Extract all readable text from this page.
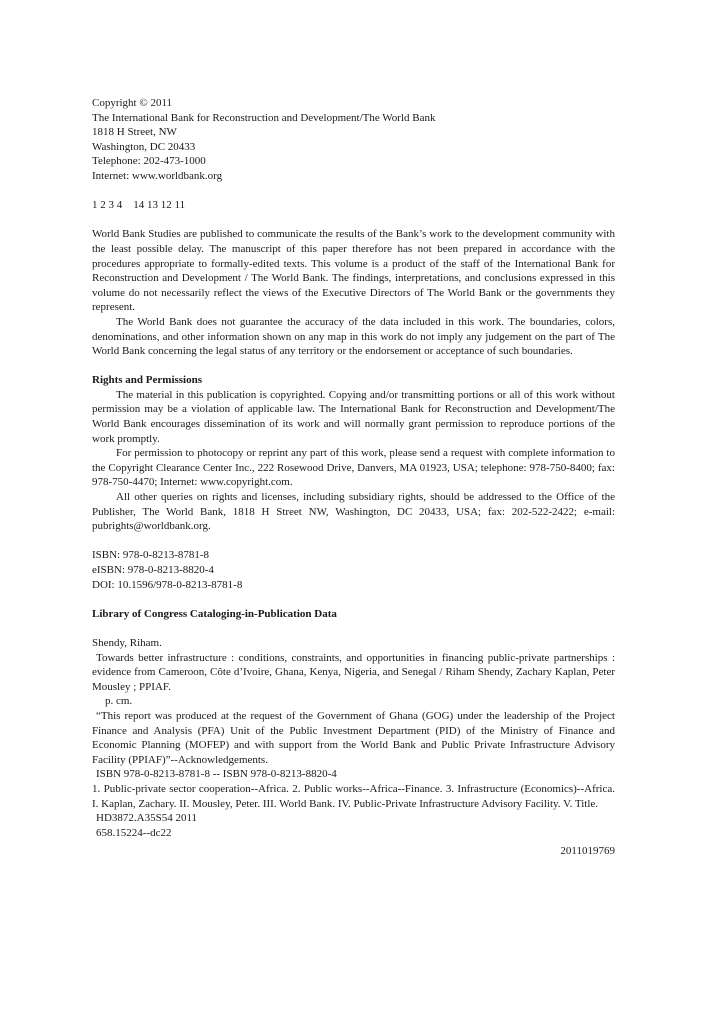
Copyright © 2011
The International Bank for Reconstruction and Development/The World Bank
1818 H Street, NW
Washington, DC 20433
Telephone: 202-473-1000
Internet: www.worldbank.org
1 2 3 4    14 13 12 11
World Bank Studies are published to communicate the results of the Bank’s work to the development community with the least possible delay. The manuscript of this paper therefore has not been prepared in accordance with the procedures appropriate to formally-edited texts. This volume is a product of the staff of the International Bank for Reconstruction and Development / The World Bank. The findings, interpretations, and conclusions expressed in this volume do not necessarily reflect the views of the Executive Directors of The World Bank or the governments they represent.
The World Bank does not guarantee the accuracy of the data included in this work. The boundaries, colors, denominations, and other information shown on any map in this work do not imply any judgement on the part of The World Bank concerning the legal status of any territory or the endorsement or acceptance of such boundaries.
Rights and Permissions
The material in this publication is copyrighted. Copying and/or transmitting portions or all of this work without permission may be a violation of applicable law. The International Bank for Reconstruction and Development/The World Bank encourages dissemination of its work and will normally grant permission to reproduce portions of the work promptly.
For permission to photocopy or reprint any part of this work, please send a request with complete information to the Copyright Clearance Center Inc., 222 Rosewood Drive, Danvers, MA 01923, USA; telephone: 978-750-8400; fax: 978-750-4470; Internet: www.copyright.com.
All other queries on rights and licenses, including subsidiary rights, should be addressed to the Office of the Publisher, The World Bank, 1818 H Street NW, Washington, DC 20433, USA; fax: 202-522-2422; e-mail: pubrights@worldbank.org.
ISBN: 978-0-8213-8781-8
eISBN: 978-0-8213-8820-4
DOI: 10.1596/978-0-8213-8781-8
Library of Congress Cataloging-in-Publication Data
Shendy, Riham.
Towards better infrastructure : conditions, constraints, and opportunities in financing public-private partnerships : evidence from Cameroon, Côte d’Ivoire, Ghana, Kenya, Nigeria, and Senegal / Riham Shendy, Zachary Kaplan, Peter Mousley ; PPIAF.
p. cm.
“This report was produced at the request of the Government of Ghana (GOG) under the leadership of the Project Finance and Analysis (PFA) Unit of the Public Investment Department (PID) of the Ministry of Finance and Economic Planning (MOFEP) and with support from the World Bank and Public Private Infrastructure Advisory Facility (PPIAF)”--Acknowledgements.
ISBN 978-0-8213-8781-8 -- ISBN 978-0-8213-8820-4
1. Public-private sector cooperation--Africa. 2. Public works--Africa--Finance. 3. Infrastructure (Economics)--Africa. I. Kaplan, Zachary. II. Mousley, Peter. III. World Bank. IV. Public-Private Infrastructure Advisory Facility. V. Title.
HD3872.A35S54 2011
658.15224--dc22
2011019769
